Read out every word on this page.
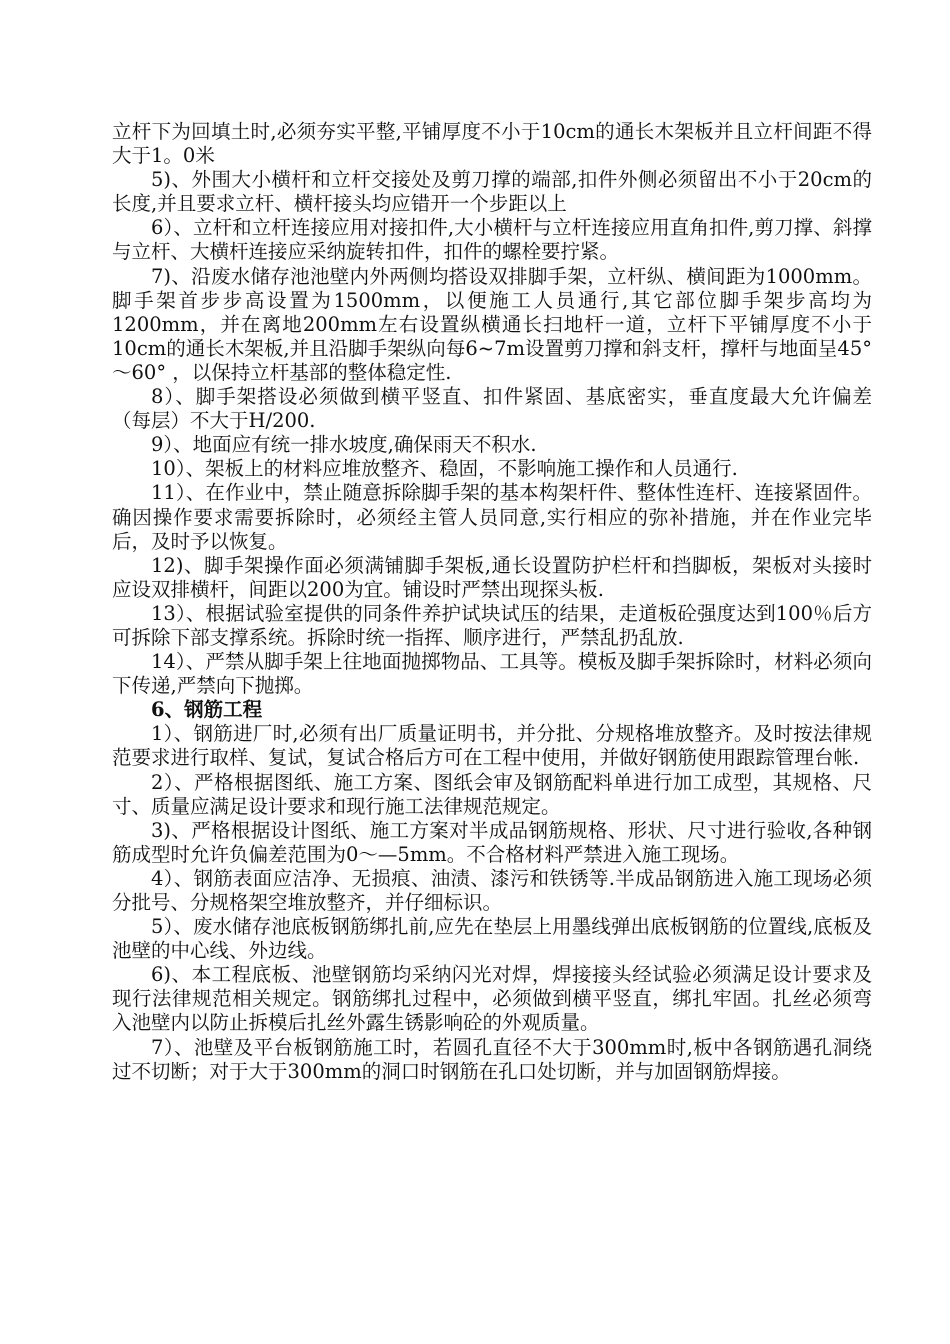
立杆下为回填土时,必须夯实平整,平铺厚度不小于10cm的通长木架板并且立杆间距不得大于1。0米

5)、外围大小横杆和立杆交接处及剪刀撑的端部,扣件外侧必须留出不小于20cm的长度,并且要求立杆、横杆接头均应错开一个步距以上

6）、立杆和立杆连接应用对接扣件,大小横杆与立杆连接应用直角扣件,剪刀撑、斜撑与立杆、大横杆连接应采纳旋转扣件，扣件的螺栓要拧紧。

7)、沿废水储存池池壁内外两侧均搭设双排脚手架，立杆纵、横间距为1000mm。脚手架首步步高设置为1500mm，以便施工人员通行,其它部位脚手架步高均为1200mm，并在离地200mm左右设置纵横通长扫地杆一道，立杆下平铺厚度不小于10cm的通长木架板,并且沿脚手架纵向每6~7m设置剪刀撑和斜支杆，撑杆与地面呈45° ～60° ，以保持立杆基部的整体稳定性.

8）、脚手架搭设必须做到横平竖直、扣件紧固、基底密实，垂直度最大允许偏差（每层）不大于H/200.

9）、地面应有统一排水坡度,确保雨天不积水.

10）、架板上的材料应堆放整齐、稳固，不影响施工操作和人员通行.

11）、在作业中，禁止随意拆除脚手架的基本构架杆件、整体性连杆、连接紧固件。确因操作要求需要拆除时，必须经主管人员同意,实行相应的弥补措施，并在作业完毕后，及时予以恢复。

12)、脚手架操作面必须满铺脚手架板,通长设置防护栏杆和挡脚板，架板对头接时应设双排横杆，间距以200为宜。铺设时严禁出现探头板.

13）、根据试验室提供的同条件养护试块试压的结果，走道板砼强度达到100％后方可拆除下部支撑系统。拆除时统一指挥、顺序进行，严禁乱扔乱放.

14）、严禁从脚手架上往地面抛掷物品、工具等。模板及脚手架拆除时，材料必须向下传递,严禁向下抛掷。

6、钢筋工程

1）、钢筋进厂时,必须有出厂质量证明书，并分批、分规格堆放整齐。及时按法律规范要求进行取样、复试，复试合格后方可在工程中使用，并做好钢筋使用跟踪管理台帐.

2）、严格根据图纸、施工方案、图纸会审及钢筋配料单进行加工成型，其规格、尺寸、质量应满足设计要求和现行施工法律规范规定。

3)、严格根据设计图纸、施工方案对半成品钢筋规格、形状、尺寸进行验收,各种钢筋成型时允许负偏差范围为0～—5mm。不合格材料严禁进入施工现场。

4）、钢筋表面应洁净、无损痕、油渍、漆污和铁锈等.半成品钢筋进入施工现场必须分批号、分规格架空堆放整齐，并仔细标识。

5）、废水储存池底板钢筋绑扎前,应先在垫层上用墨线弹出底板钢筋的位置线,底板及池壁的中心线、外边线。

6)、本工程底板、池壁钢筋均采纳闪光对焊，焊接接头经试验必须满足设计要求及现行法律规范相关规定。钢筋绑扎过程中，必须做到横平竖直，绑扎牢固。扎丝必须弯入池壁内以防止拆模后扎丝外露生锈影响砼的外观质量。

7）、池壁及平台板钢筋施工时，若圆孔直径不大于300mm时,板中各钢筋遇孔洞绕过不切断；对于大于300mm的洞口时钢筋在孔口处切断，并与加固钢筋焊接。
